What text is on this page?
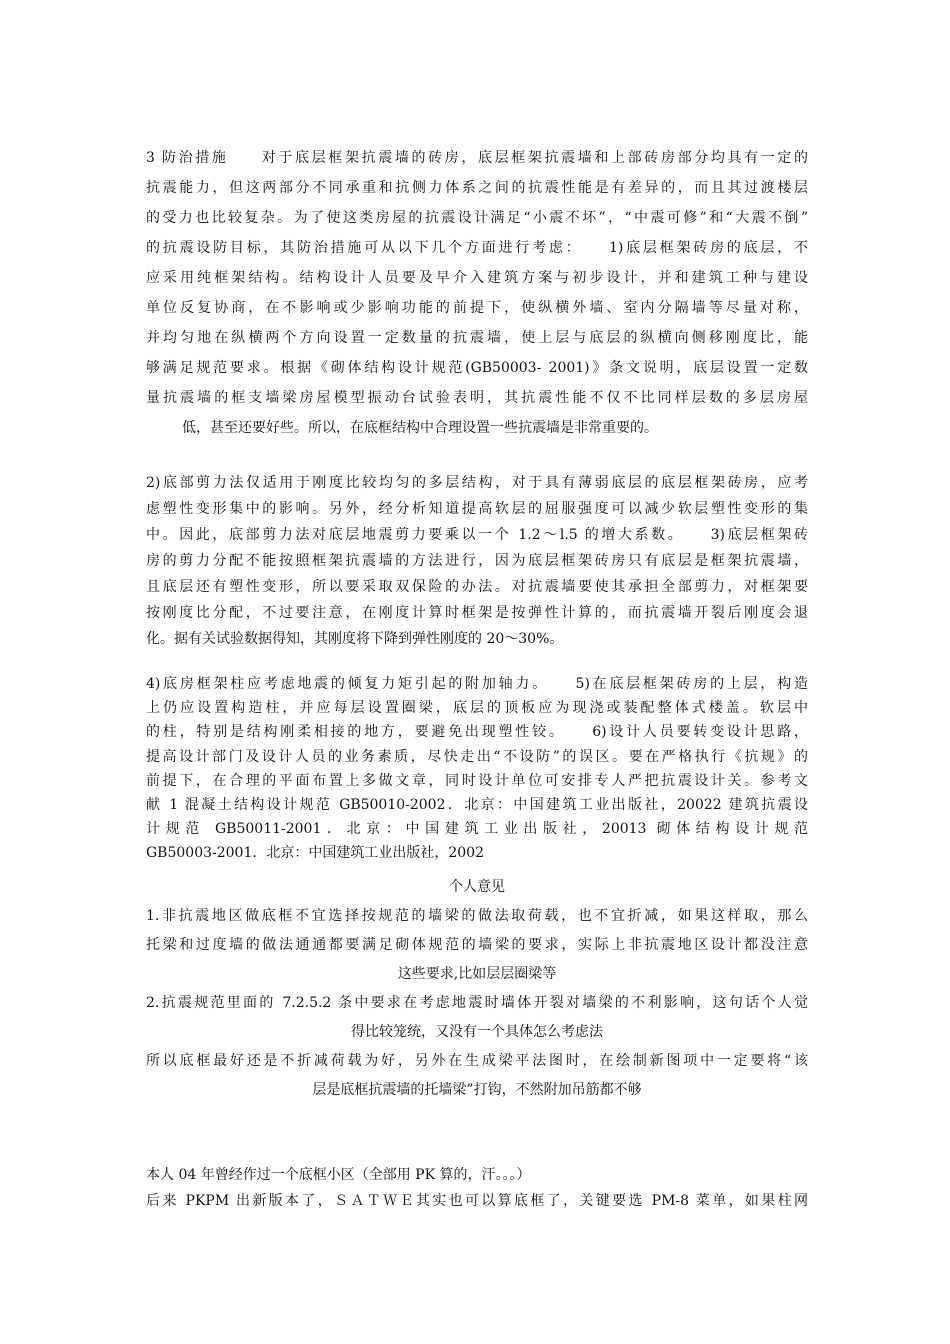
3 防治措施　　对于底层框架抗震墙的砖房，底层框架抗震墙和上部砖房部分均具有一定的
抗震能力，但这两部分不同承重和抗侧力体系之间的抗震性能是有差异的，而且其过渡楼层
的受力也比较复杂。为了使这类房屋的抗震设计满足“小震不坏”，“中震可修”和“大震不倒”
的抗震设防目标，其防治措施可从以下几个方面进行考虑：　　1)底层框架砖房的底层，不
应采用纯框架结构。结构设计人员要及早介入建筑方案与初步设计，并和建筑工种与建设
单位反复协商，在不影响或少影响功能的前提下，使纵横外墙、室内分隔墙等尽量对称，
并均匀地在纵横两个方向设置一定数量的抗震墙，使上层与底层的纵横向侧移刚度比，能
够满足规范要求。根据《砌体结构设计规范(GB50003- 2001)》条文说明，底层设置一定数
量抗震墙的框支墙梁房屋模型振动台试验表明，其抗震性能不仅不比同样层数的多层房屋
低，甚至还要好些。所以，在底框结构中合理设置一些抗震墙是非常重要的。
2)底部剪力法仅适用于刚度比较均匀的多层结构，对于具有薄弱底层的底层框架砖房，应考
虑塑性变形集中的影响。另外，经分析知道提高软层的屈服强度可以减少软层塑性变形的集
中。因此，底部剪力法对底层地震剪力要乘以一个 1.2～l.5 的增大系数。　　3)底层框架砖
房的剪力分配不能按照框架抗震墙的方法进行，因为底层框架砖房只有底层是框架抗震墙，
且底层还有塑性变形，所以要采取双保险的办法。对抗震墙要使其承担全部剪力，对框架要
按刚度比分配，不过要注意，在刚度计算时框架是按弹性计算的，而抗震墙开裂后刚度会退
化。据有关试验数据得知，其刚度将下降到弹性刚度的 20～30%。
4)底房框架柱应考虑地震的倾复力矩引起的附加轴力。　　5)在底层框架砖房的上层，构造
上仍应设置构造柱，并应每层设置圈梁，底层的顶板应为现浇或装配整体式楼盖。软层中
的柱，特别是结构刚柔相接的地方，要避免出现塑性铰。　　6)设计人员要转变设计思路，
提高设计部门及设计人员的业务素质，尽快走出“不设防”的误区。要在严格执行《抗规》的
前提下，在合理的平面布置上多做文章，同时设计单位可安排专人严把抗震设计关。参考文
献 1 混凝土结构设计规范 GB50010-2002．北京：中国建筑工业出版社，20022 建筑抗震设
计规范 GB50011-2001．北京：中国建筑工业出版社，20013 砌体结构设计规范
GB50003-2001．北京：中国建筑工业出版社，2002
个人意见
1.非抗震地区做底框不宜选择按规范的墙梁的做法取荷载，也不宜折减，如果这样取，那么
托梁和过度墙的做法通通都要满足砌体规范的墙梁的要求，实际上非抗震地区设计都没注意
这些要求,比如层层圈梁等
2.抗震规范里面的 7.2.5.2 条中要求在考虑地震时墙体开裂对墙梁的不利影响，这句话个人觉
得比较笼统，又没有一个具体怎么考虑法
所以底框最好还是不折减荷载为好，另外在生成梁平法图时，在绘制新图项中一定要将“该
层是底框抗震墙的托墙梁”打钩，不然附加吊筋都不够
本人 04 年曾经作过一个底框小区（全部用 PK 算的，汗。。。）
后来 PKPM 出新版本了，ＳＡＴＷＥ其实也可以算底框了，关键要选 PM-8 菜单，如果柱网
